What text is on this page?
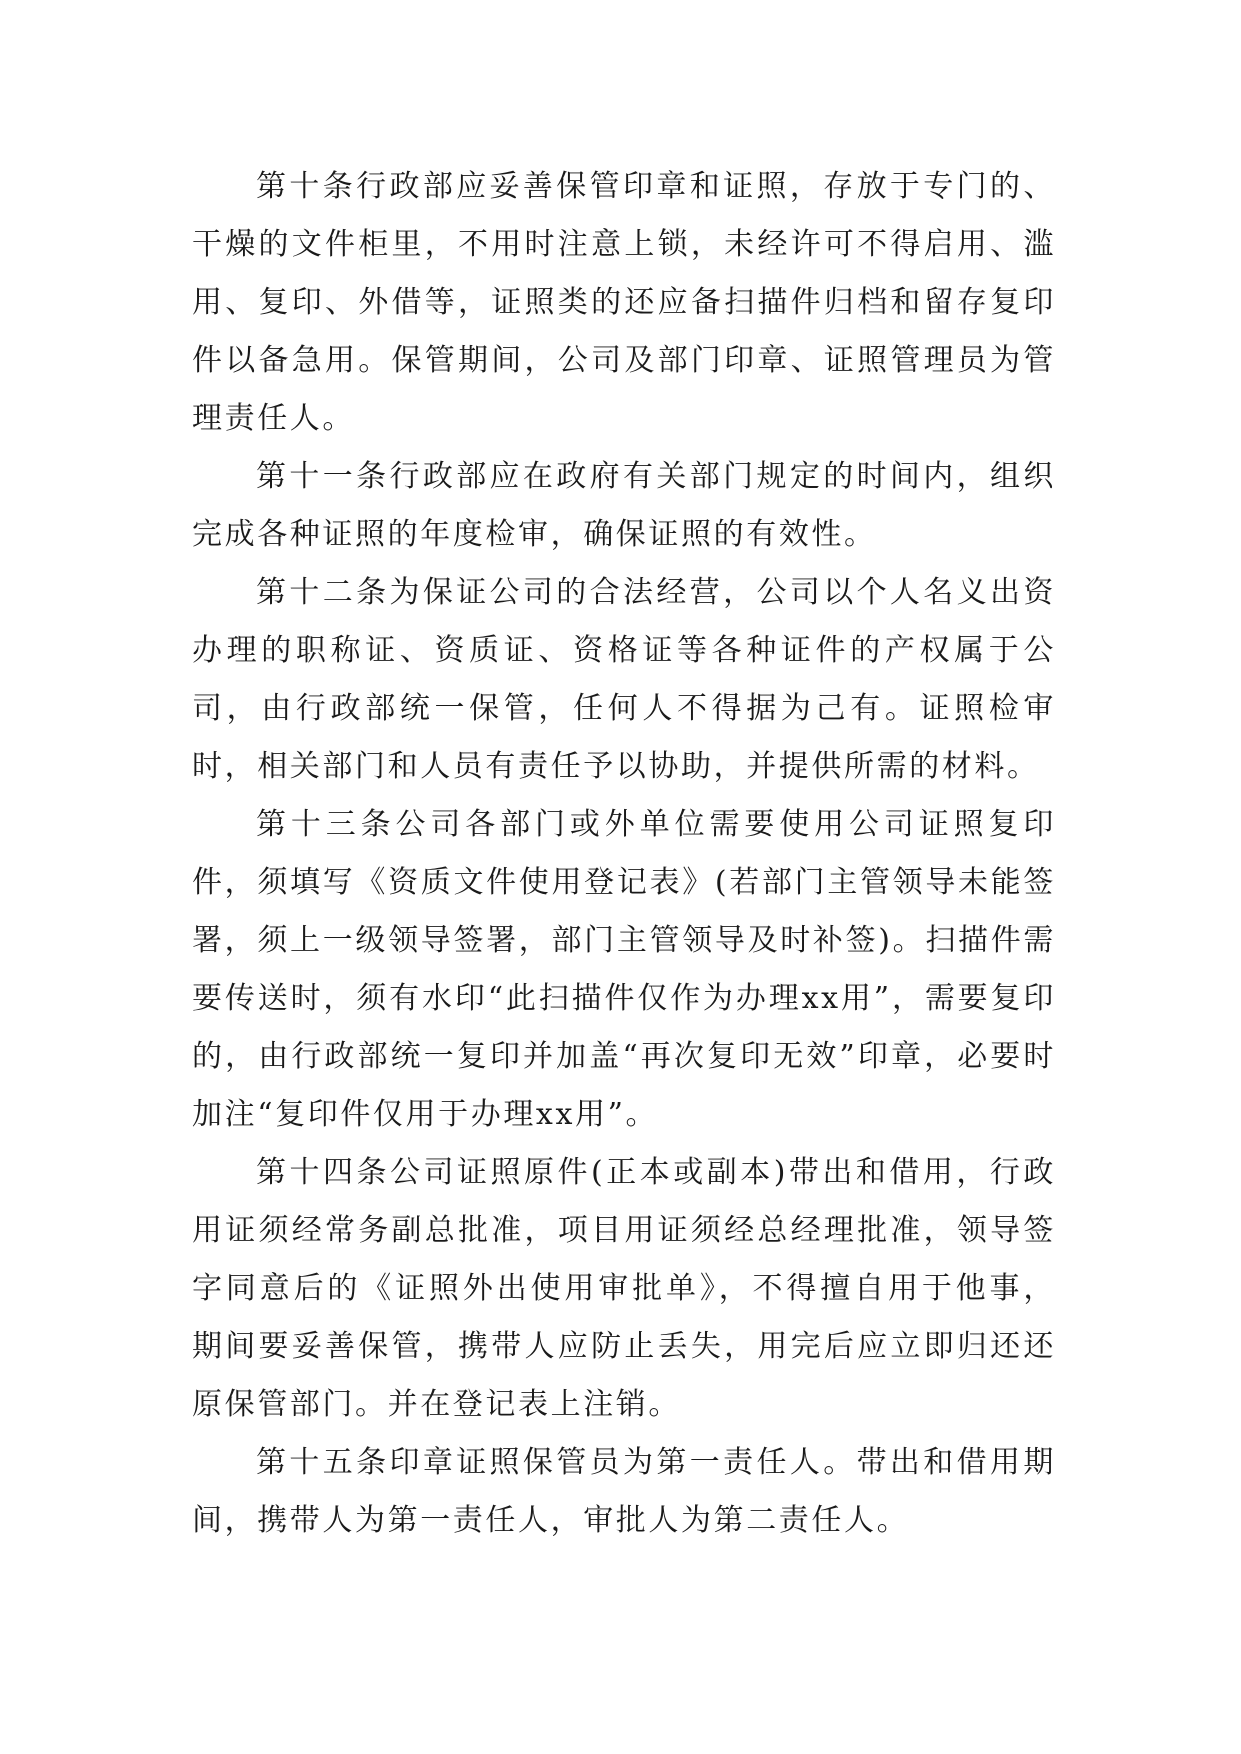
第十条行政部应妥善保管印章和证照，存放于专门的、干燥的文件柜里，不用时注意上锁，未经许可不得启用、滥用、复印、外借等，证照类的还应备扫描件归档和留存复印件以备急用。保管期间，公司及部门印章、证照管理员为管理责任人。

第十一条行政部应在政府有关部门规定的时间内，组织完成各种证照的年度检审，确保证照的有效性。

第十二条为保证公司的合法经营，公司以个人名义出资办理的职称证、资质证、资格证等各种证件的产权属于公司，由行政部统一保管，任何人不得据为己有。证照检审时，相关部门和人员有责任予以协助，并提供所需的材料。

第十三条公司各部门或外单位需要使用公司证照复印件，须填写《资质文件使用登记表》(若部门主管领导未能签署，须上一级领导签署，部门主管领导及时补签)。扫描件需要传送时，须有水印“此扫描件仅作为办理xx用”，需要复印的，由行政部统一复印并加盖“再次复印无效”印章，必要时加注“复印件仅用于办理xx用”。

第十四条公司证照原件(正本或副本)带出和借用，行政用证须经常务副总批准，项目用证须经总经理批准，领导签字同意后的《证照外出使用审批单》，不得擅自用于他事，期间要妥善保管，携带人应防止丢失，用完后应立即归还还原保管部门。并在登记表上注销。

第十五条印章证照保管员为第一责任人。带出和借用期间，携带人为第一责任人，审批人为第二责任人。
